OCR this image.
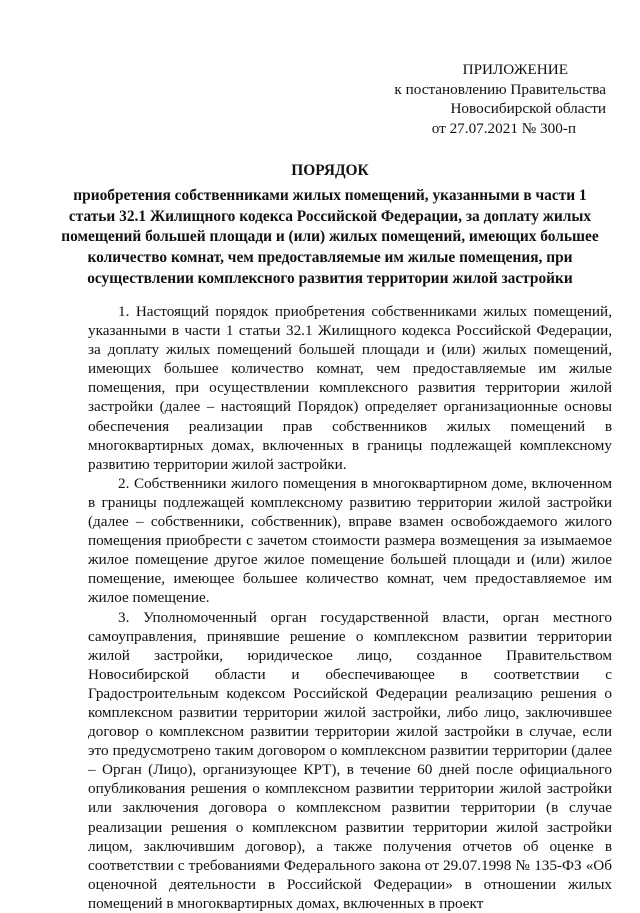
ПРИЛОЖЕНИЕ
к постановлению Правительства
Новосибирской области
от 27.07.2021 № 300-п
ПОРЯДОК
приобретения собственниками жилых помещений, указанными в части 1 статьи 32.1 Жилищного кодекса Российской Федерации, за доплату жилых помещений большей площади и (или) жилых помещений, имеющих большее количество комнат, чем предоставляемые им жилые помещения, при осуществлении комплексного развития территории жилой застройки

1. Настоящий порядок приобретения собственниками жилых помещений, указанными в части 1 статьи 32.1 Жилищного кодекса Российской Федерации, за доплату жилых помещений большей площади и (или) жилых помещений, имеющих большее количество комнат, чем предоставляемые им жилые помещения, при осуществлении комплексного развития территории жилой застройки (далее – настоящий Порядок) определяет организационные основы обеспечения реализации прав собственников жилых помещений в многоквартирных домах, включенных в границы подлежащей комплексному развитию территории жилой застройки.

2. Собственники жилого помещения в многоквартирном доме, включенном в границы подлежащей комплексному развитию территории жилой застройки (далее – собственники, собственник), вправе взамен освобождаемого жилого помещения приобрести с зачетом стоимости размера возмещения за изымаемое жилое помещение другое жилое помещение большей площади и (или) жилое помещение, имеющее большее количество комнат, чем предоставляемое им жилое помещение.

3. Уполномоченный орган государственной власти, орган местного самоуправления, принявшие решение о комплексном развитии территории жилой застройки, юридическое лицо, созданное Правительством Новосибирской области и обеспечивающее в соответствии с Градостроительным кодексом Российской Федерации реализацию решения о комплексном развитии территории жилой застройки, либо лицо, заключившее договор о комплексном развитии территории жилой застройки в случае, если это предусмотрено таким договором о комплексном развитии территории (далее – Орган (Лицо), организующее КРТ), в течение 60 дней после официального опубликования решения о комплексном развитии территории жилой застройки или заключения договора о комплексном развитии территории (в случае реализации решения о комплексном развитии территории жилой застройки лицом, заключившим договор), а также получения отчетов об оценке в соответствии с требованиями Федерального закона от 29.07.1998 № 135-ФЗ «Об оценочной деятельности в Российской Федерации» в отношении жилых помещений в многоквартирных домах, включенных в проект
